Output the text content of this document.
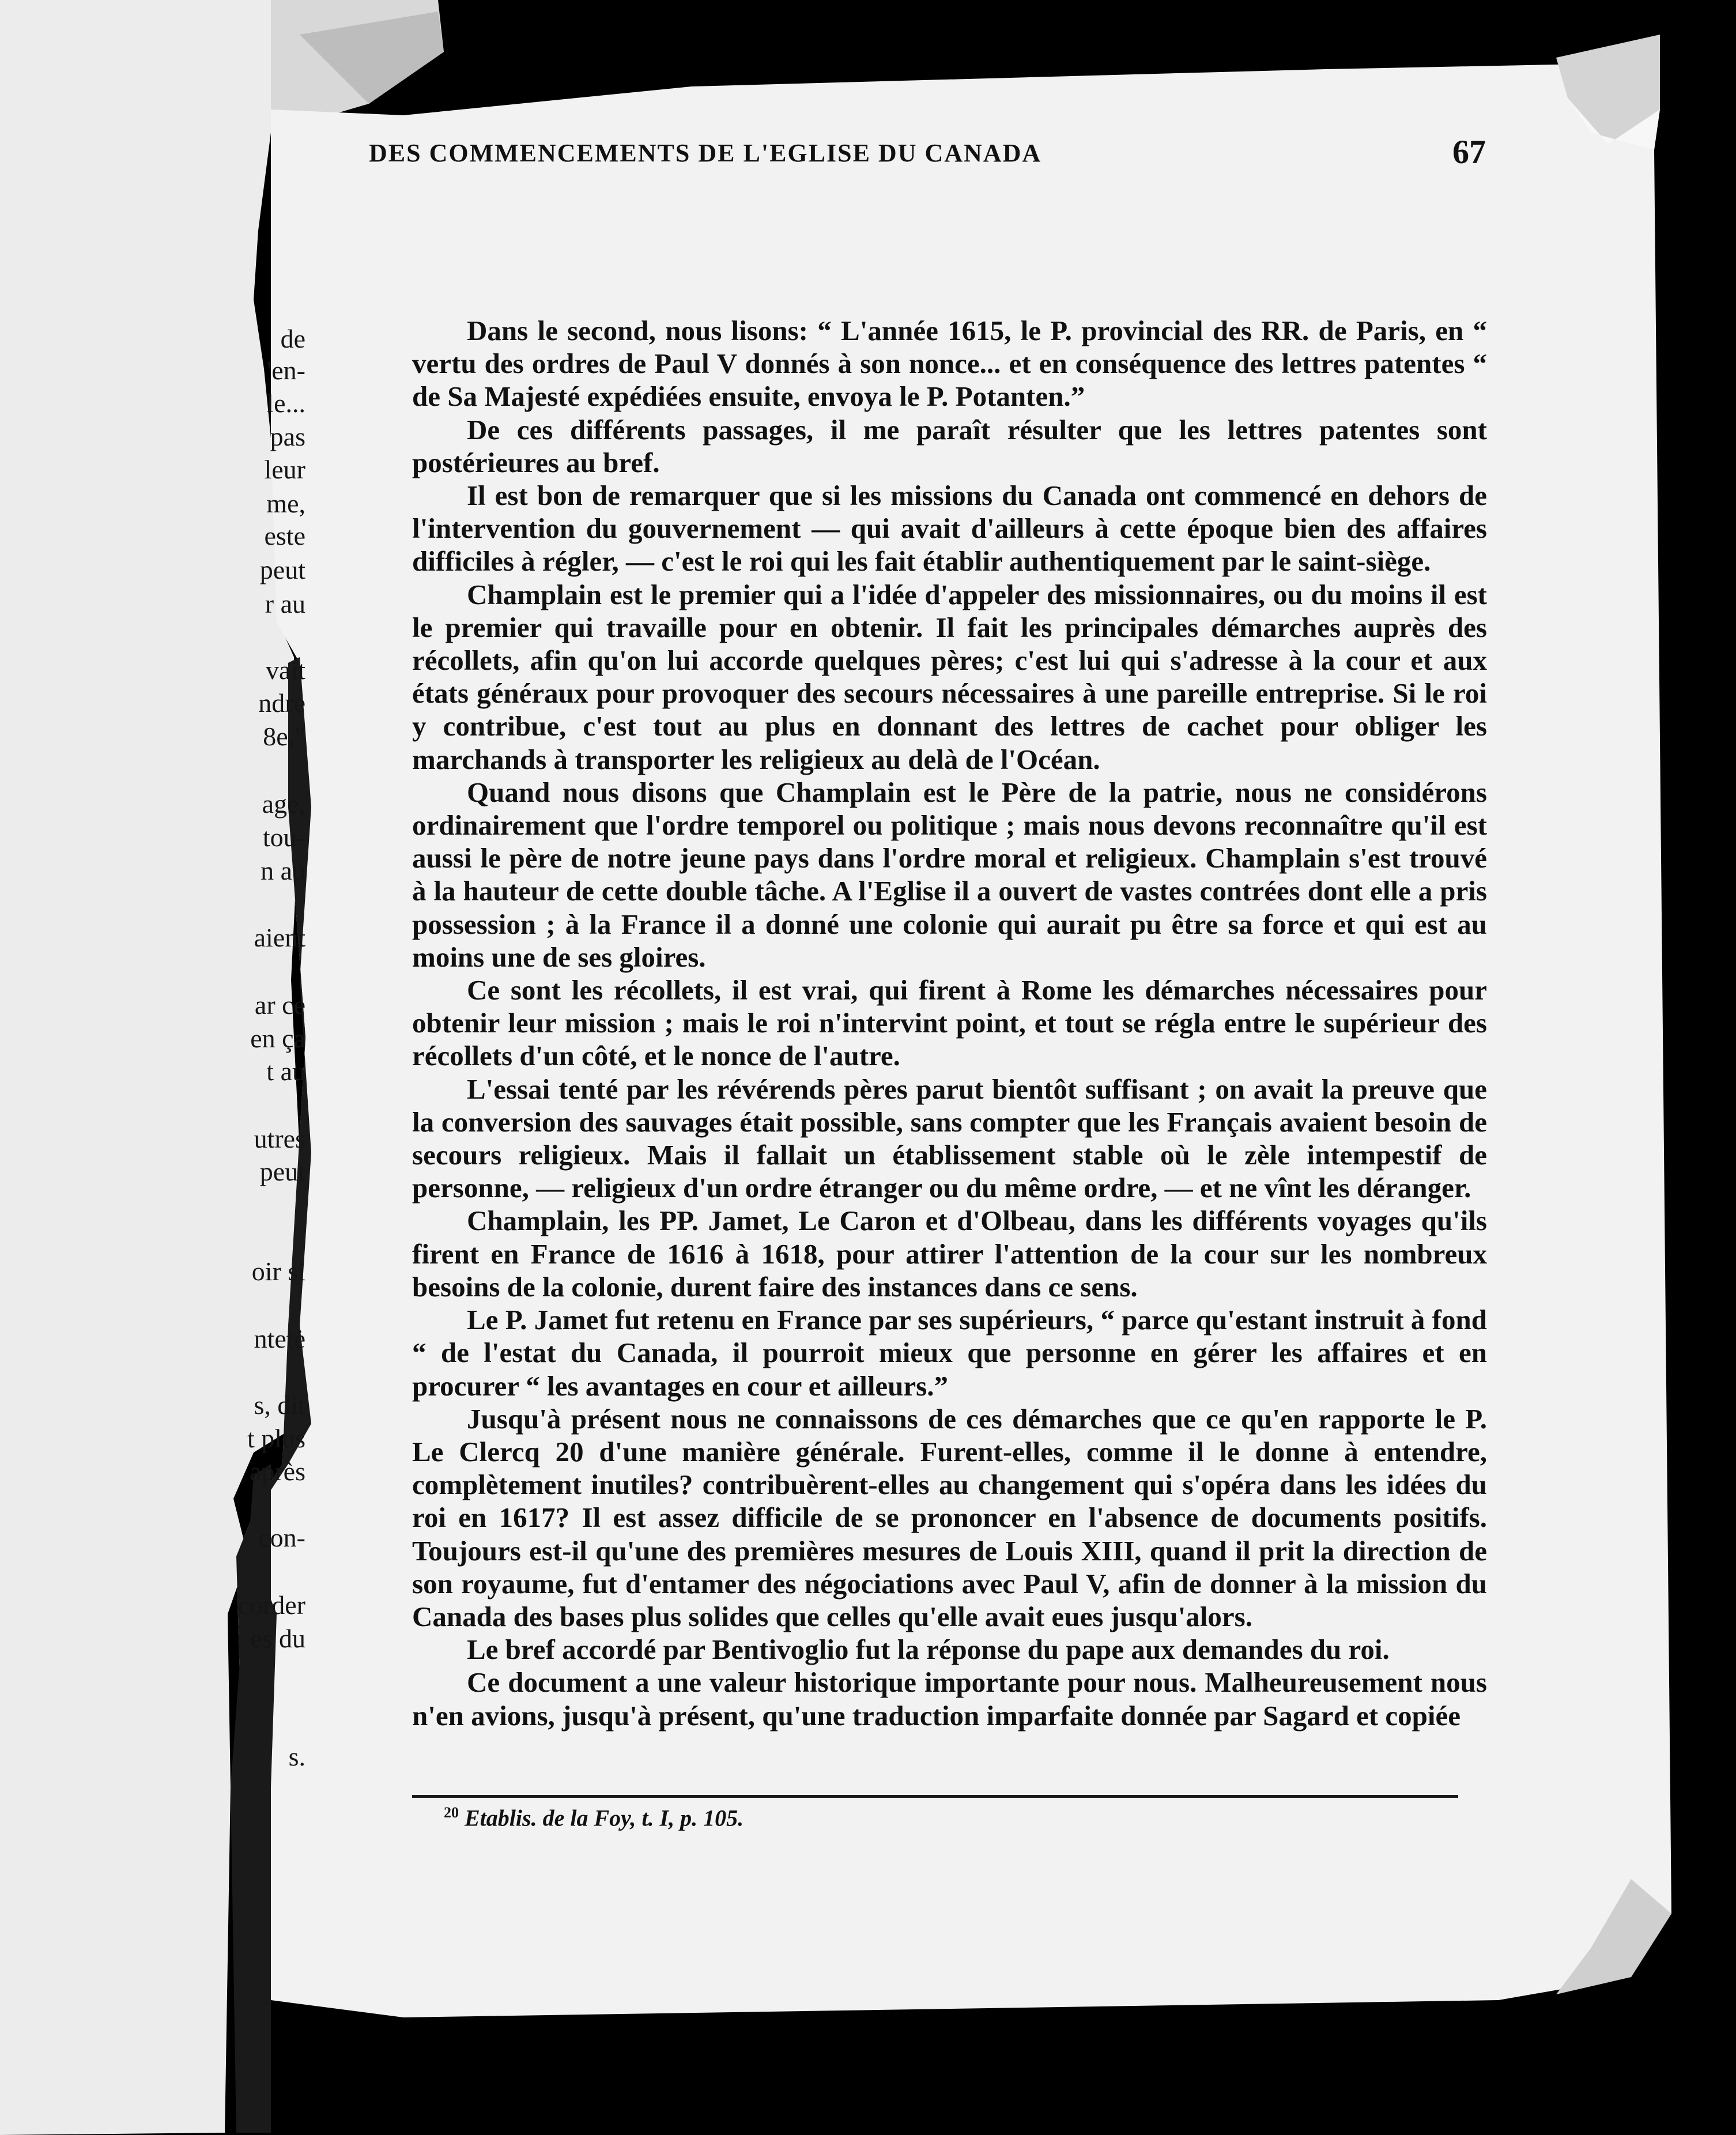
de
'en-
le...
pas
leur
me,
este
peut
r au
vait
ndre
8e."
age,
tou-
n au
aient
ar ce
en ça
t au
utres
peut
oir si
ntetė
s, dit
t plus
après
con-
corder
es du
s.
DES COMMENCEMENTS DE L'EGLISE DU CANADA	67

Dans le second, nous lisons: “ L'année 1615, le P. provincial des RR. de Paris, en “ vertu des ordres de Paul V donnés à son nonce... et en conséquence des lettres patentes “ de Sa Majesté expédiées ensuite, envoya le P. Potanten.”

De ces différents passages, il me paraît résulter que les lettres patentes sont postérieures au bref.

Il est bon de remarquer que si les missions du Canada ont commencé en dehors de l'intervention du gouvernement — qui avait d'ailleurs à cette époque bien des affaires difficiles à régler, — c'est le roi qui les fait établir authentiquement par le saint-siège.

Champlain est le premier qui a l'idée d'appeler des missionnaires, ou du moins il est le premier qui travaille pour en obtenir. Il fait les principales démarches auprès des récollets, afin qu'on lui accorde quelques pères; c'est lui qui s'adresse à la cour et aux états généraux pour provoquer des secours nécessaires à une pareille entreprise. Si le roi y contribue, c'est tout au plus en donnant des lettres de cachet pour obliger les marchands à transporter les religieux au delà de l'Océan.

Quand nous disons que Champlain est le Père de la patrie, nous ne considérons ordinairement que l'ordre temporel ou politique ; mais nous devons reconnaître qu'il est aussi le père de notre jeune pays dans l'ordre moral et religieux. Champlain s'est trouvé à la hauteur de cette double tâche. A l'Eglise il a ouvert de vastes contrées dont elle a pris possession ; à la France il a donné une colonie qui aurait pu être sa force et qui est au moins une de ses gloires.

Ce sont les récollets, il est vrai, qui firent à Rome les démarches nécessaires pour obtenir leur mission ; mais le roi n'intervint point, et tout se régla entre le supérieur des récollets d'un côté, et le nonce de l'autre.

L'essai tenté par les révérends pères parut bientôt suffisant ; on avait la preuve que la conversion des sauvages était possible, sans compter que les Français avaient besoin de secours religieux. Mais il fallait un établissement stable où le zèle intempestif de personne, — religieux d'un ordre étranger ou du même ordre, — et ne vînt les déranger.

Champlain, les PP. Jamet, Le Caron et d'Olbeau, dans les différents voyages qu'ils firent en France de 1616 à 1618, pour attirer l'attention de la cour sur les nombreux besoins de la colonie, durent faire des instances dans ce sens.

Le P. Jamet fut retenu en France par ses supérieurs, “ parce qu'estant instruit à fond “ de l'estat du Canada, il pourroit mieux que personne en gérer les affaires et en procurer “ les avantages en cour et ailleurs.”

Jusqu'à présent nous ne connaissons de ces démarches que ce qu'en rapporte le P. Le Clercq 20 d'une manière générale. Furent-elles, comme il le donne à entendre, complètement inutiles? contribuèrent-elles au changement qui s'opéra dans les idées du roi en 1617? Il est assez difficile de se prononcer en l'absence de documents positifs. Toujours est-il qu'une des premières mesures de Louis XIII, quand il prit la direction de son royaume, fut d'entamer des négociations avec Paul V, afin de donner à la mission du Canada des bases plus solides que celles qu'elle avait eues jusqu'alors.

Le bref accordé par Bentivoglio fut la réponse du pape aux demandes du roi.

Ce document a une valeur historique importante pour nous. Malheureusement nous n'en avions, jusqu'à présent, qu'une traduction imparfaite donnée par Sagard et copiée

$^{20}$ Etablis. de la Foy, t. I, p. 105.
